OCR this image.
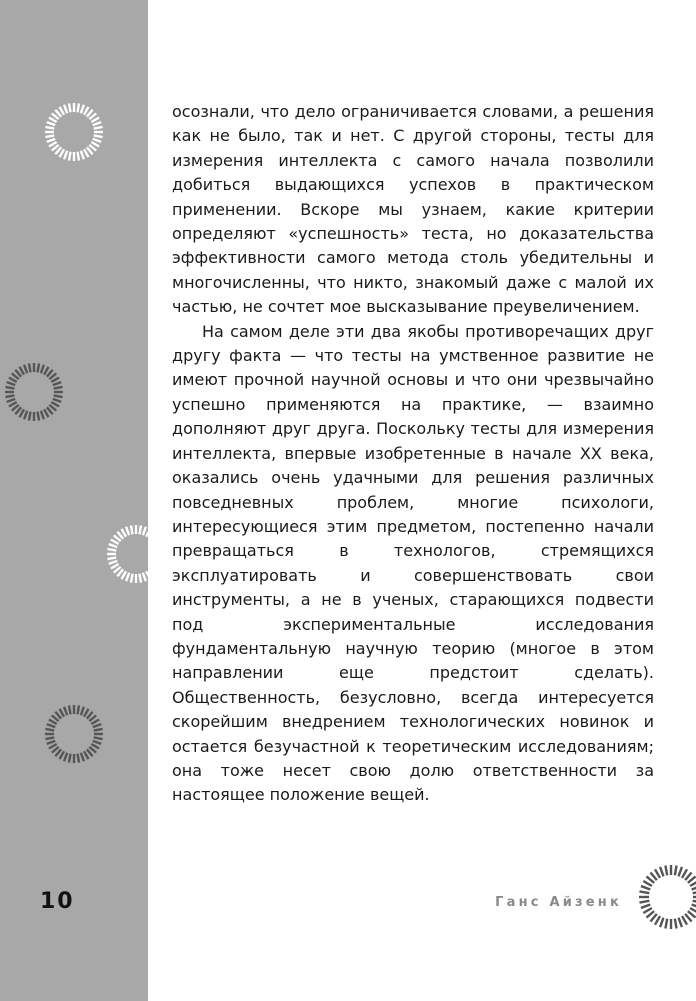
осознали, что дело ограничивается словами, а решения как не было, так и нет. С другой стороны, тесты для измерения интеллекта с самого начала позволили добиться выдающихся успехов в практическом применении. Вскоре мы узнаем, какие критерии определяют «успешность» теста, но доказательства эффективности самого метода столь убедительны и многочисленны, что никто, знакомый даже с малой их частью, не сочтет мое высказывание преувеличением.

На самом деле эти два якобы противоречащих друг другу факта — что тесты на умственное развитие не имеют прочной научной основы и что они чрезвычайно успешно применяются на практике, — взаимно дополняют друг друга. Поскольку тесты для измерения интеллекта, впервые изобретенные в начале XX века, оказались очень удачными для решения различных повседневных проблем, многие психологи, интересующиеся этим предметом, постепенно начали превращаться в технологов, стремящихся эксплуатировать и совершенствовать свои инструменты, а не в ученых, старающихся подвести под экспериментальные исследования фундаментальную научную теорию (многое в этом направлении еще предстоит сделать). Общественность, безусловно, всегда интересуется скорейшим внедрением технологических новинок и остается безучастной к теоретическим исследованиям; она тоже несет свою долю ответственности за настоящее положение вещей.

10	Ганс Айзенк
